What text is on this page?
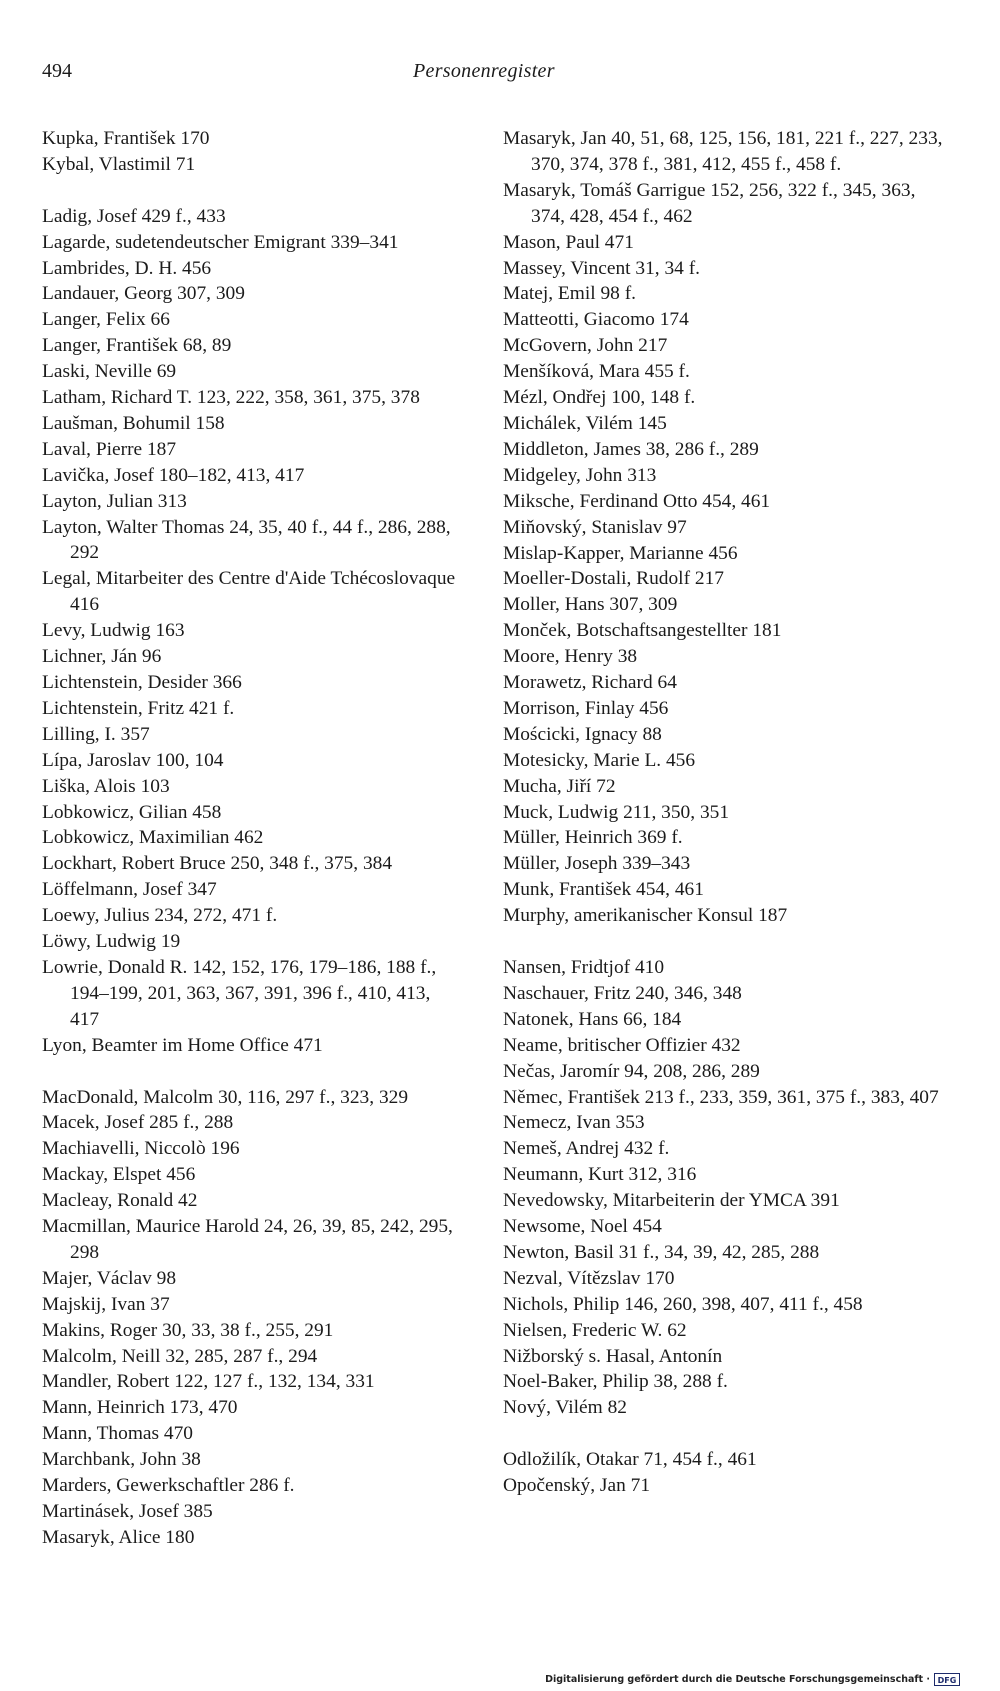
494	Personenregister
Kupka, František 170
Kybal, Vlastimil 71
Ladig, Josef 429 f., 433
Lagarde, sudetendeutscher Emigrant 339–341
Lambrides, D. H. 456
Landauer, Georg 307, 309
Langer, Felix 66
Langer, František 68, 89
Laski, Neville 69
Latham, Richard T. 123, 222, 358, 361, 375, 378
Laušman, Bohumil 158
Laval, Pierre 187
Lavička, Josef 180–182, 413, 417
Layton, Julian 313
Layton, Walter Thomas 24, 35, 40 f., 44 f., 286, 288, 292
Legal, Mitarbeiter des Centre d'Aide Tchécoslovaque 416
Levy, Ludwig 163
Lichner, Ján 96
Lichtenstein, Desider 366
Lichtenstein, Fritz 421 f.
Lilling, I. 357
Lípa, Jaroslav 100, 104
Liška, Alois 103
Lobkowicz, Gilian 458
Lobkowicz, Maximilian 462
Lockhart, Robert Bruce 250, 348 f., 375, 384
Löffelmann, Josef 347
Loewy, Julius 234, 272, 471 f.
Löwy, Ludwig 19
Lowrie, Donald R. 142, 152, 176, 179–186, 188 f., 194–199, 201, 363, 367, 391, 396 f., 410, 413, 417
Lyon, Beamter im Home Office 471
MacDonald, Malcolm 30, 116, 297 f., 323, 329
Macek, Josef 285 f., 288
Machiavelli, Niccolò 196
Mackay, Elspet 456
Macleay, Ronald 42
Macmillan, Maurice Harold 24, 26, 39, 85, 242, 295, 298
Majer, Václav 98
Majskij, Ivan 37
Makins, Roger 30, 33, 38 f., 255, 291
Malcolm, Neill 32, 285, 287 f., 294
Mandler, Robert 122, 127 f., 132, 134, 331
Mann, Heinrich 173, 470
Mann, Thomas 470
Marchbank, John 38
Marders, Gewerkschaftler 286 f.
Martinásek, Josef 385
Masaryk, Alice 180
Masaryk, Jan 40, 51, 68, 125, 156, 181, 221 f., 227, 233, 370, 374, 378 f., 381, 412, 455 f., 458 f.
Masaryk, Tomáš Garrigue 152, 256, 322 f., 345, 363, 374, 428, 454 f., 462
Mason, Paul 471
Massey, Vincent 31, 34 f.
Matej, Emil 98 f.
Matteotti, Giacomo 174
McGovern, John 217
Menšíková, Mara 455 f.
Mézl, Ondřej 100, 148 f.
Michálek, Vilém 145
Middleton, James 38, 286 f., 289
Midgeley, John 313
Miksche, Ferdinand Otto 454, 461
Miňovský, Stanislav 97
Mislap-Kapper, Marianne 456
Moeller-Dostali, Rudolf 217
Moller, Hans 307, 309
Monček, Botschaftsangestellter 181
Moore, Henry 38
Morawetz, Richard 64
Morrison, Finlay 456
Mościcki, Ignacy 88
Motesicky, Marie L. 456
Mucha, Jiří 72
Muck, Ludwig 211, 350, 351
Müller, Heinrich 369 f.
Müller, Joseph 339–343
Munk, František 454, 461
Murphy, amerikanischer Konsul 187
Nansen, Fridtjof 410
Naschauer, Fritz 240, 346, 348
Natonek, Hans 66, 184
Neame, britischer Offizier 432
Nečas, Jaromír 94, 208, 286, 289
Němec, František 213 f., 233, 359, 361, 375 f., 383, 407
Nemecz, Ivan 353
Nemeš, Andrej 432 f.
Neumann, Kurt 312, 316
Nevedowsky, Mitarbeiterin der YMCA 391
Newsome, Noel 454
Newton, Basil 31 f., 34, 39, 42, 285, 288
Nezval, Vítězslav 170
Nichols, Philip 146, 260, 398, 407, 411 f., 458
Nielsen, Frederic W. 62
Nižborský s. Hasal, Antonín
Noel-Baker, Philip 38, 288 f.
Nový, Vilém 82
Odložilík, Otakar 71, 454 f., 461
Opočenský, Jan 71
Digitalisierung gefördert durch die Deutsche Forschungsgemeinschaft · DFG
